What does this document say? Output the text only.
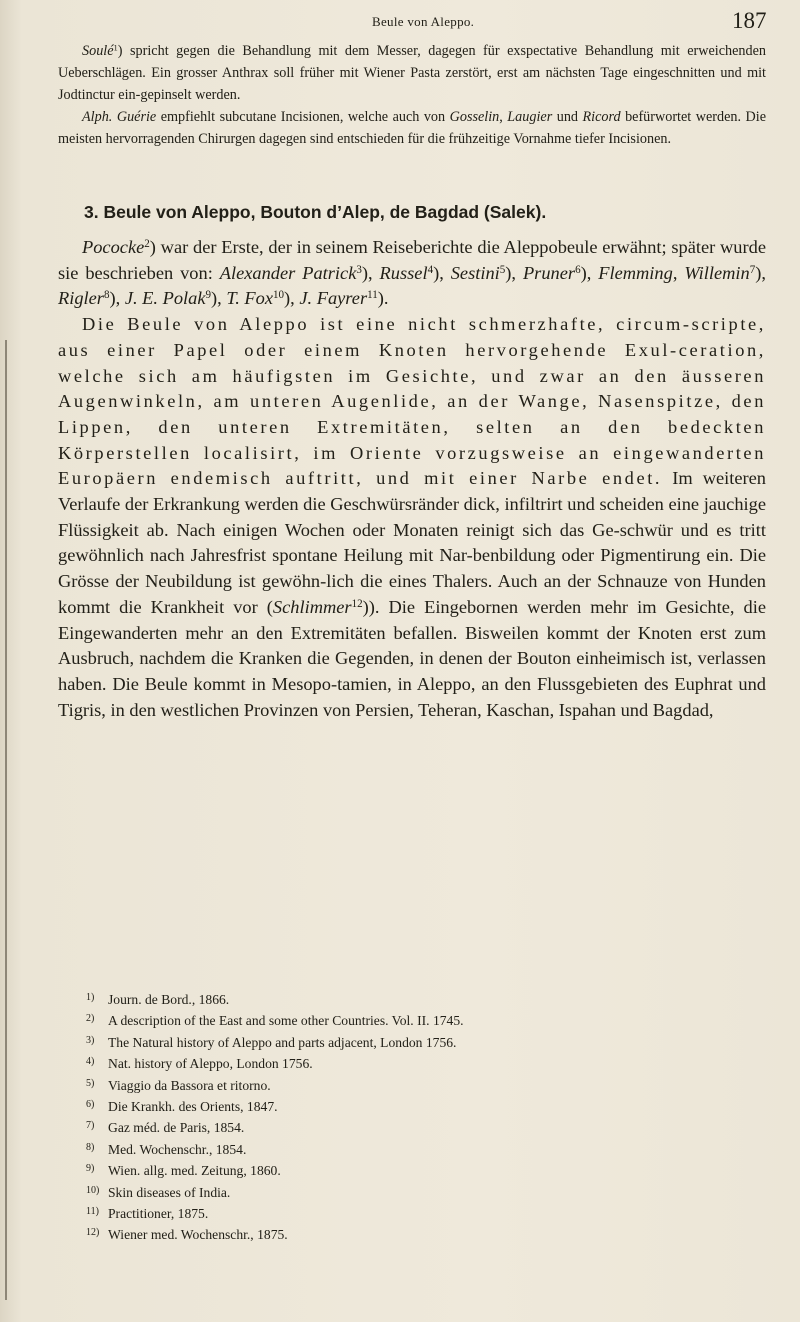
Beule von Aleppo.	187

Soulé$^1$) spricht gegen die Behandlung mit dem Messer, dagegen für exspectative Behandlung mit erweichenden Ueberschlägen. Ein grosser Anthrax soll früher mit Wiener Pasta zerstört, erst am nächsten Tage eingeschnitten und mit Jodtinctur ein-gepinselt werden.

Alph. Guérie empfiehlt subcutane Incisionen, welche auch von Gosselin, Laugier und Ricord befürwortet werden. Die meisten hervorragenden Chirurgen dagegen sind entschieden für die frühzeitige Vornahme tiefer Incisionen.

3. Beule von Aleppo, Bouton d’Alep, de Bagdad (Salek).

Pococke$^2$) war der Erste, der in seinem Reiseberichte die Aleppobeule erwähnt; später wurde sie beschrieben von: Alexander Patrick$^3$), Russel$^4$), Sestini$^5$), Pruner$^6$), Flemming, Willemin$^7$), Rigler$^8$), J. E. Polak$^9$), T. Fox$^{10}$), J. Fayrer$^{11}$).

Die Beule von Aleppo ist eine nicht schmerzhafte, circum-scripte, aus einer Papel oder einem Knoten hervorgehende Exul-ceration, welche sich am häufigsten im Gesichte, und zwar an den äusseren Augenwinkeln, am unteren Augenlide, an der Wange, Nasenspitze, den Lippen, den unteren Extremitäten, selten an den bedeckten Körperstellen localisirt, im Oriente vorzugsweise an eingewanderten Europäern endemisch auftritt, und mit einer Narbe endet. Im weiteren Verlaufe der Erkrankung werden die Geschwürsränder dick, infiltrirt und scheiden eine jauchige Flüssigkeit ab. Nach einigen Wochen oder Monaten reinigt sich das Ge-schwür und es tritt gewöhnlich nach Jahresfrist spontane Heilung mit Nar-benbildung oder Pigmentirung ein. Die Grösse der Neubildung ist gewöhn-lich die eines Thalers. Auch an der Schnauze von Hunden kommt die Krankheit vor (Schlimmer$^{12}$)). Die Eingebornen werden mehr im Gesichte, die Eingewanderten mehr an den Extremitäten befallen. Bisweilen kommt der Knoten erst zum Ausbruch, nachdem die Kranken die Gegenden, in denen der Bouton einheimisch ist, verlassen haben. Die Beule kommt in Mesopo-tamien, in Aleppo, an den Flussgebieten des Euphrat und Tigris, in den westlichen Provinzen von Persien, Teheran, Kaschan, Ispahan und Bagdad,

1) Journ. de Bord., 1866.
2) A description of the East and some other Countries. Vol. II. 1745.
3) The Natural history of Aleppo and parts adjacent, London 1756.
4) Nat. history of Aleppo, London 1756.
5) Viaggio da Bassora et ritorno.
6) Die Krankh. des Orients, 1847.
7) Gaz méd. de Paris, 1854.
8) Med. Wochenschr., 1854.
9) Wien. allg. med. Zeitung, 1860.
10) Skin diseases of India.
11) Practitioner, 1875.
12) Wiener med. Wochenschr., 1875.
